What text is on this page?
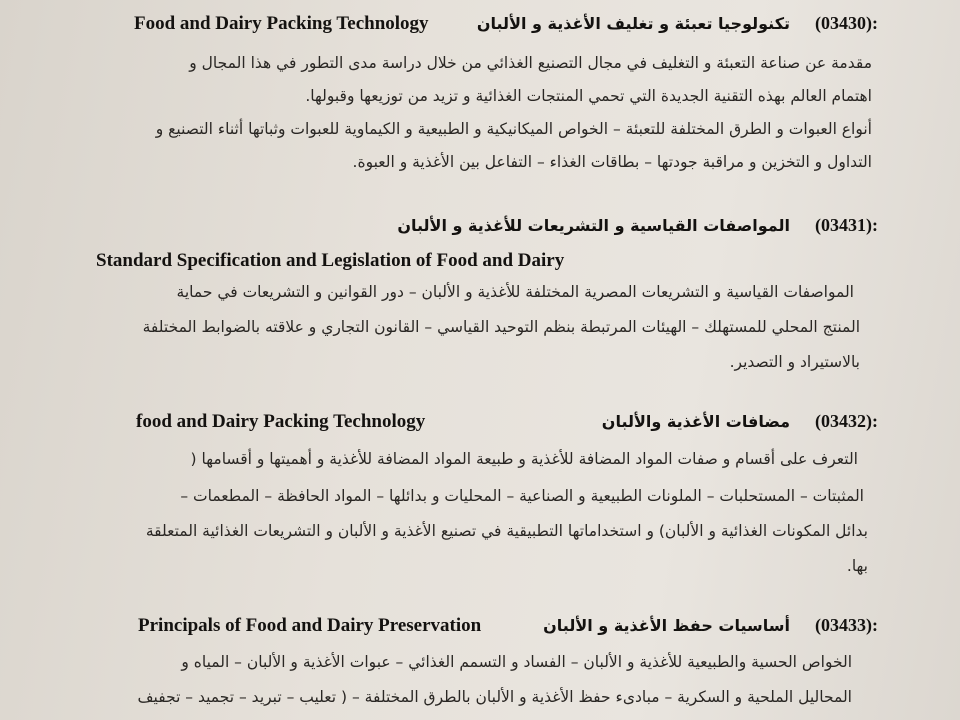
(03430):
تكنولوجيا تعبئة و تغليف الأغذية و الألبان
Food and Dairy Packing Technology
مقدمة عن صناعة التعبئة و التغليف في مجال التصنيع الغذائي من خلال دراسة مدى التطور في هذا المجال و
اهتمام العالم بهذه التقنية الجديدة التي تحمي المنتجات الغذائية و تزيد من توزيعها وقبولها.
أنواع العبوات و الطرق المختلفة للتعبئة – الخواص الميكانيكية و الطبيعية و الكيماوية للعبوات وثباتها أثناء التصنيع و
التداول و التخزين و مراقبة جودتها – بطاقات الغذاء – التفاعل بين الأغذية و العبوة.
(03431):
المواصفات القياسية و التشريعات للأغذية و الألبان
Standard Specification and Legislation of Food and Dairy
المواصفات القياسية و التشريعات المصرية المختلفة للأغذية و الألبان – دور القوانين و التشريعات في حماية
المنتج المحلي للمستهلك – الهيئات المرتبطة بنظم التوحيد القياسي – القانون التجاري و علاقته بالضوابط المختلفة
بالاستيراد و التصدير.
(03432):
مضافات الأغذية والألبان
food and Dairy Packing Technology
التعرف على أقسام و صفات المواد المضافة للأغذية و طبيعة المواد المضافة للأغذية و أهميتها و أقسامها (
المثبتات – المستحلبات – الملونات الطبيعية و الصناعية – المحليات و بدائلها – المواد الحافظة – المطعمات –
بدائل المكونات الغذائية و الألبان) و استخداماتها التطبيقية في تصنيع الأغذية و الألبان و التشريعات الغذائية المتعلقة
بها.
(03433):
أساسيات حفظ الأغذية و الألبان
Principals of Food and Dairy Preservation
الخواص الحسية والطبيعية للأغذية و الألبان – الفساد و التسمم الغذائي – عبوات الأغذية و الألبان – المياه و
المحاليل الملحية و السكرية – مبادىء حفظ الأغذية و الألبان بالطرق المختلفة – ( تعليب – تبريد – تجميد – تجفيف
